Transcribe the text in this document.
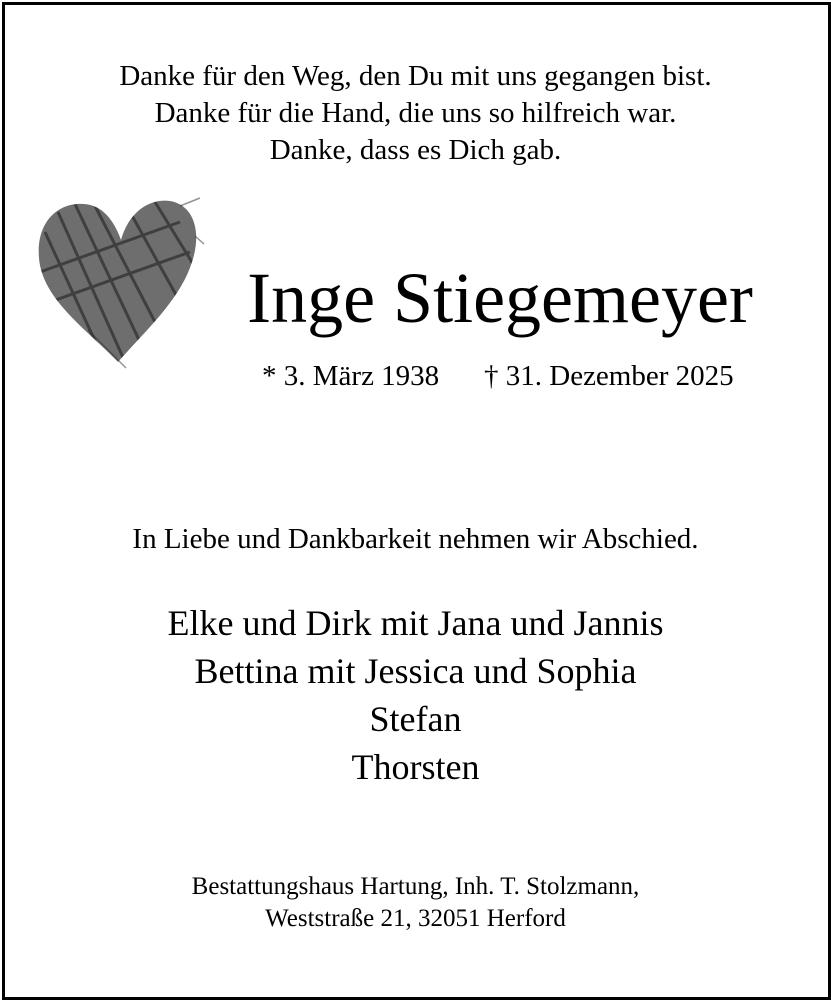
Danke für den Weg, den Du mit uns gegangen bist.
Danke für die Hand, die uns so hilfreich war.
Danke, dass es Dich gab.
Inge Stiegemeyer
* 3. März 1938 † 31. Dezember 2025
In Liebe und Dankbarkeit nehmen wir Abschied.
Elke und Dirk mit Jana und Jannis
Bettina mit Jessica und Sophia
Stefan
Thorsten
Bestattungshaus Hartung, Inh. T. Stolzmann,
Weststraße 21, 32051 Herford
